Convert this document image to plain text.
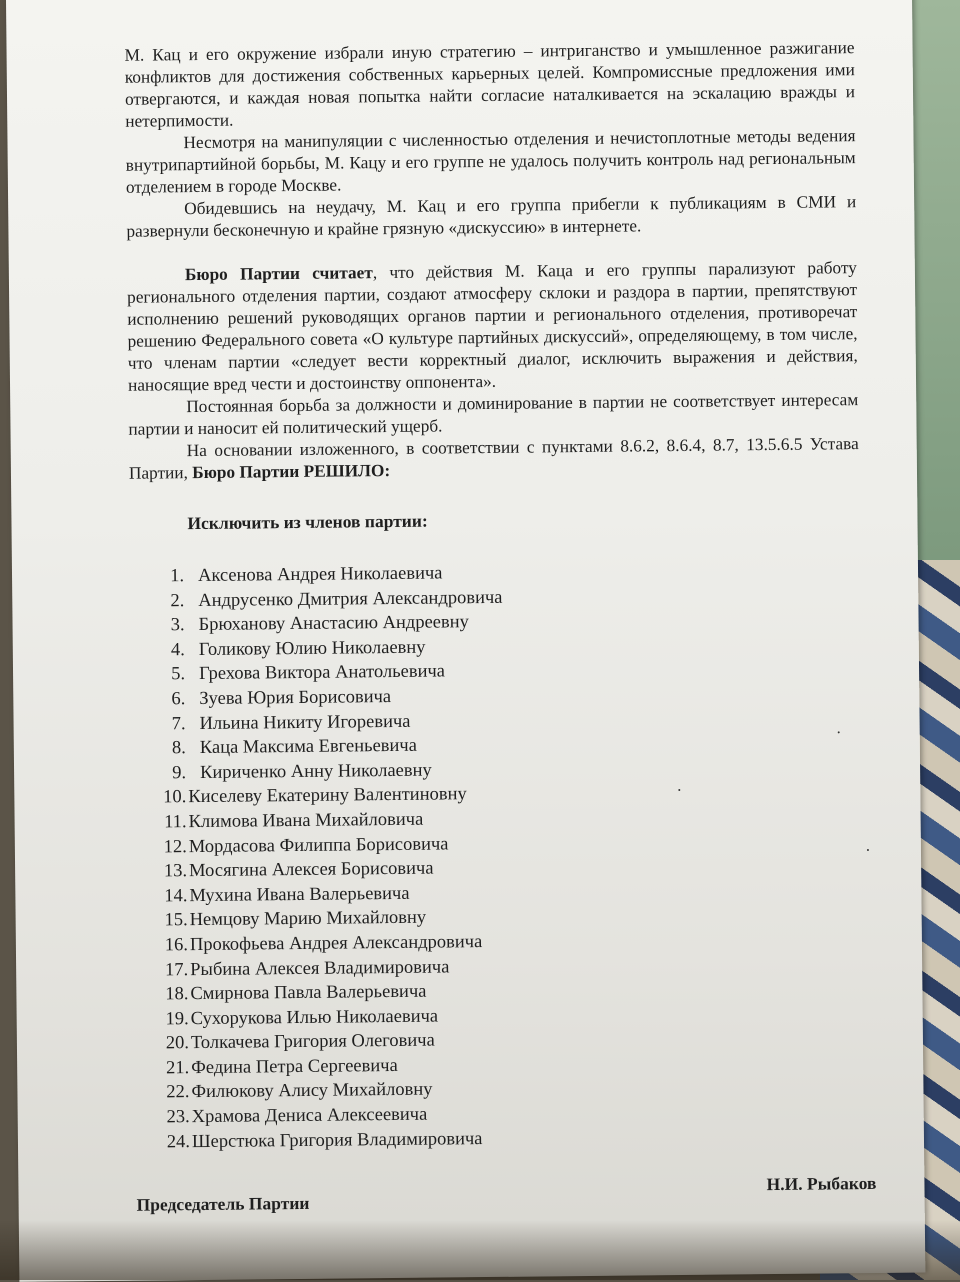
М. Кац и его окружение избрали иную стратегию – интриганство и умышленное разжигание конфликтов для достижения собственных карьерных целей. Компромиссные предложения ими отвергаются, и каждая новая попытка найти согласие наталкивается на эскалацию вражды и нетерпимости.

Несмотря на манипуляции с численностью отделения и нечистоплотные методы ведения внутрипартийной борьбы, М. Кацу и его группе не удалось получить контроль над региональным отделением в городе Москве.

Обидевшись на неудачу, М. Кац и его группа прибегли к публикациям в СМИ и развернули бесконечную и крайне грязную «дискуссию» в интернете.

Бюро Партии считает, что действия М. Каца и его группы парализуют работу регионального отделения партии, создают атмосферу склоки и раздора в партии, препятствуют исполнению решений руководящих органов партии и регионального отделения, противоречат решению Федерального совета «О культуре партийных дискуссий», определяющему, в том числе, что членам партии «следует вести корректный диалог, исключить выражения и действия, наносящие вред чести и достоинству оппонента».

Постоянная борьба за должности и доминирование в партии не соответствует интересам партии и наносит ей политический ущерб.

На основании изложенного, в соответствии с пунктами 8.6.2, 8.6.4, 8.7, 13.5.6.5 Устава Партии, Бюро Партии РЕШИЛО:

Исключить из членов партии:
1. Аксенова Андрея Николаевича
2. Андрусенко Дмитрия Александровича
3. Брюханову Анастасию Андреевну
4. Голикову Юлию Николаевну
5. Грехова Виктора Анатольевича
6. Зуева Юрия Борисовича
7. Ильина Никиту Игоревича
8. Каца Максима Евгеньевича
9. Кириченко Анну Николаевну
10. Киселеву Екатерину Валентиновну
11. Климова Ивана Михайловича
12. Мордасова Филиппа Борисовича
13. Мосягина Алексея Борисовича
14. Мухина Ивана Валерьевича
15. Немцову Марию Михайловну
16. Прокофьева Андрея Александровича
17. Рыбина Алексея Владимировича
18. Смирнова Павла Валерьевича
19. Сухорукова Илью Николаевича
20. Толкачева Григория Олеговича
21. Федина Петра Сергеевича
22. Филюкову Алису Михайловну
23. Храмова Дениса Алексеевича
24. Шерстюка Григория Владимировича
Председатель Партии
Н.И. Рыбаков
